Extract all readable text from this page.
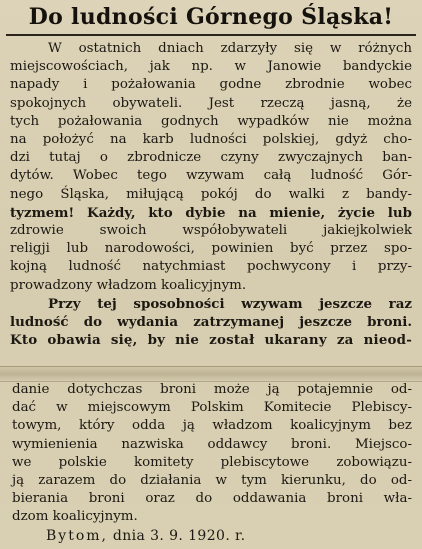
Do ludności Górnego Śląska!
W ostatnich dniach zdarzyły się w różnych
miejscowościach, jak np. w Janowie bandyckie
napady i pożałowania godne zbrodnie wobec
spokojnych obywateli. Jest rzeczą jasną, że
tych pożałowania godnych wypadków nie można
na położyć na karb ludności polskiej, gdyż cho-
dzi tutaj o zbrodnicze czyny zwyczajnych ban-
dytów. Wobec tego wzywam całą ludność Gór-
nego Śląska, miłującą pokój do walki z bandy-
tyzmem! Każdy, kto dybie na mienie, życie lub
zdrowie swoich współobywateli jakiejkolwiek
religji lub narodowości, powinien być przez spo-
kojną ludność natychmiast pochwycony i przy-
prowadzony władzom koalicyjnym.
Przy tej sposobności wzywam jeszcze raz
ludność do wydania zatrzymanej jeszcze broni.
Kto obawia się, by nie został ukarany za nieod-
danie dotychczas broni może ją potajemnie od-
dać w miejscowym Polskim Komitecie Plebiscy-
towym, który odda ją władzom koalicyjnym bez
wymienienia nazwiska oddawcy broni. Miejsco-
we polskie komitety plebiscytowe zobowiązu-
ją zarazem do działania w tym kierunku, do od-
bierania broni oraz do oddawania broni wła-
dzom koalicyjnym.
Bytom, dnia 3. 9. 1920. r.
